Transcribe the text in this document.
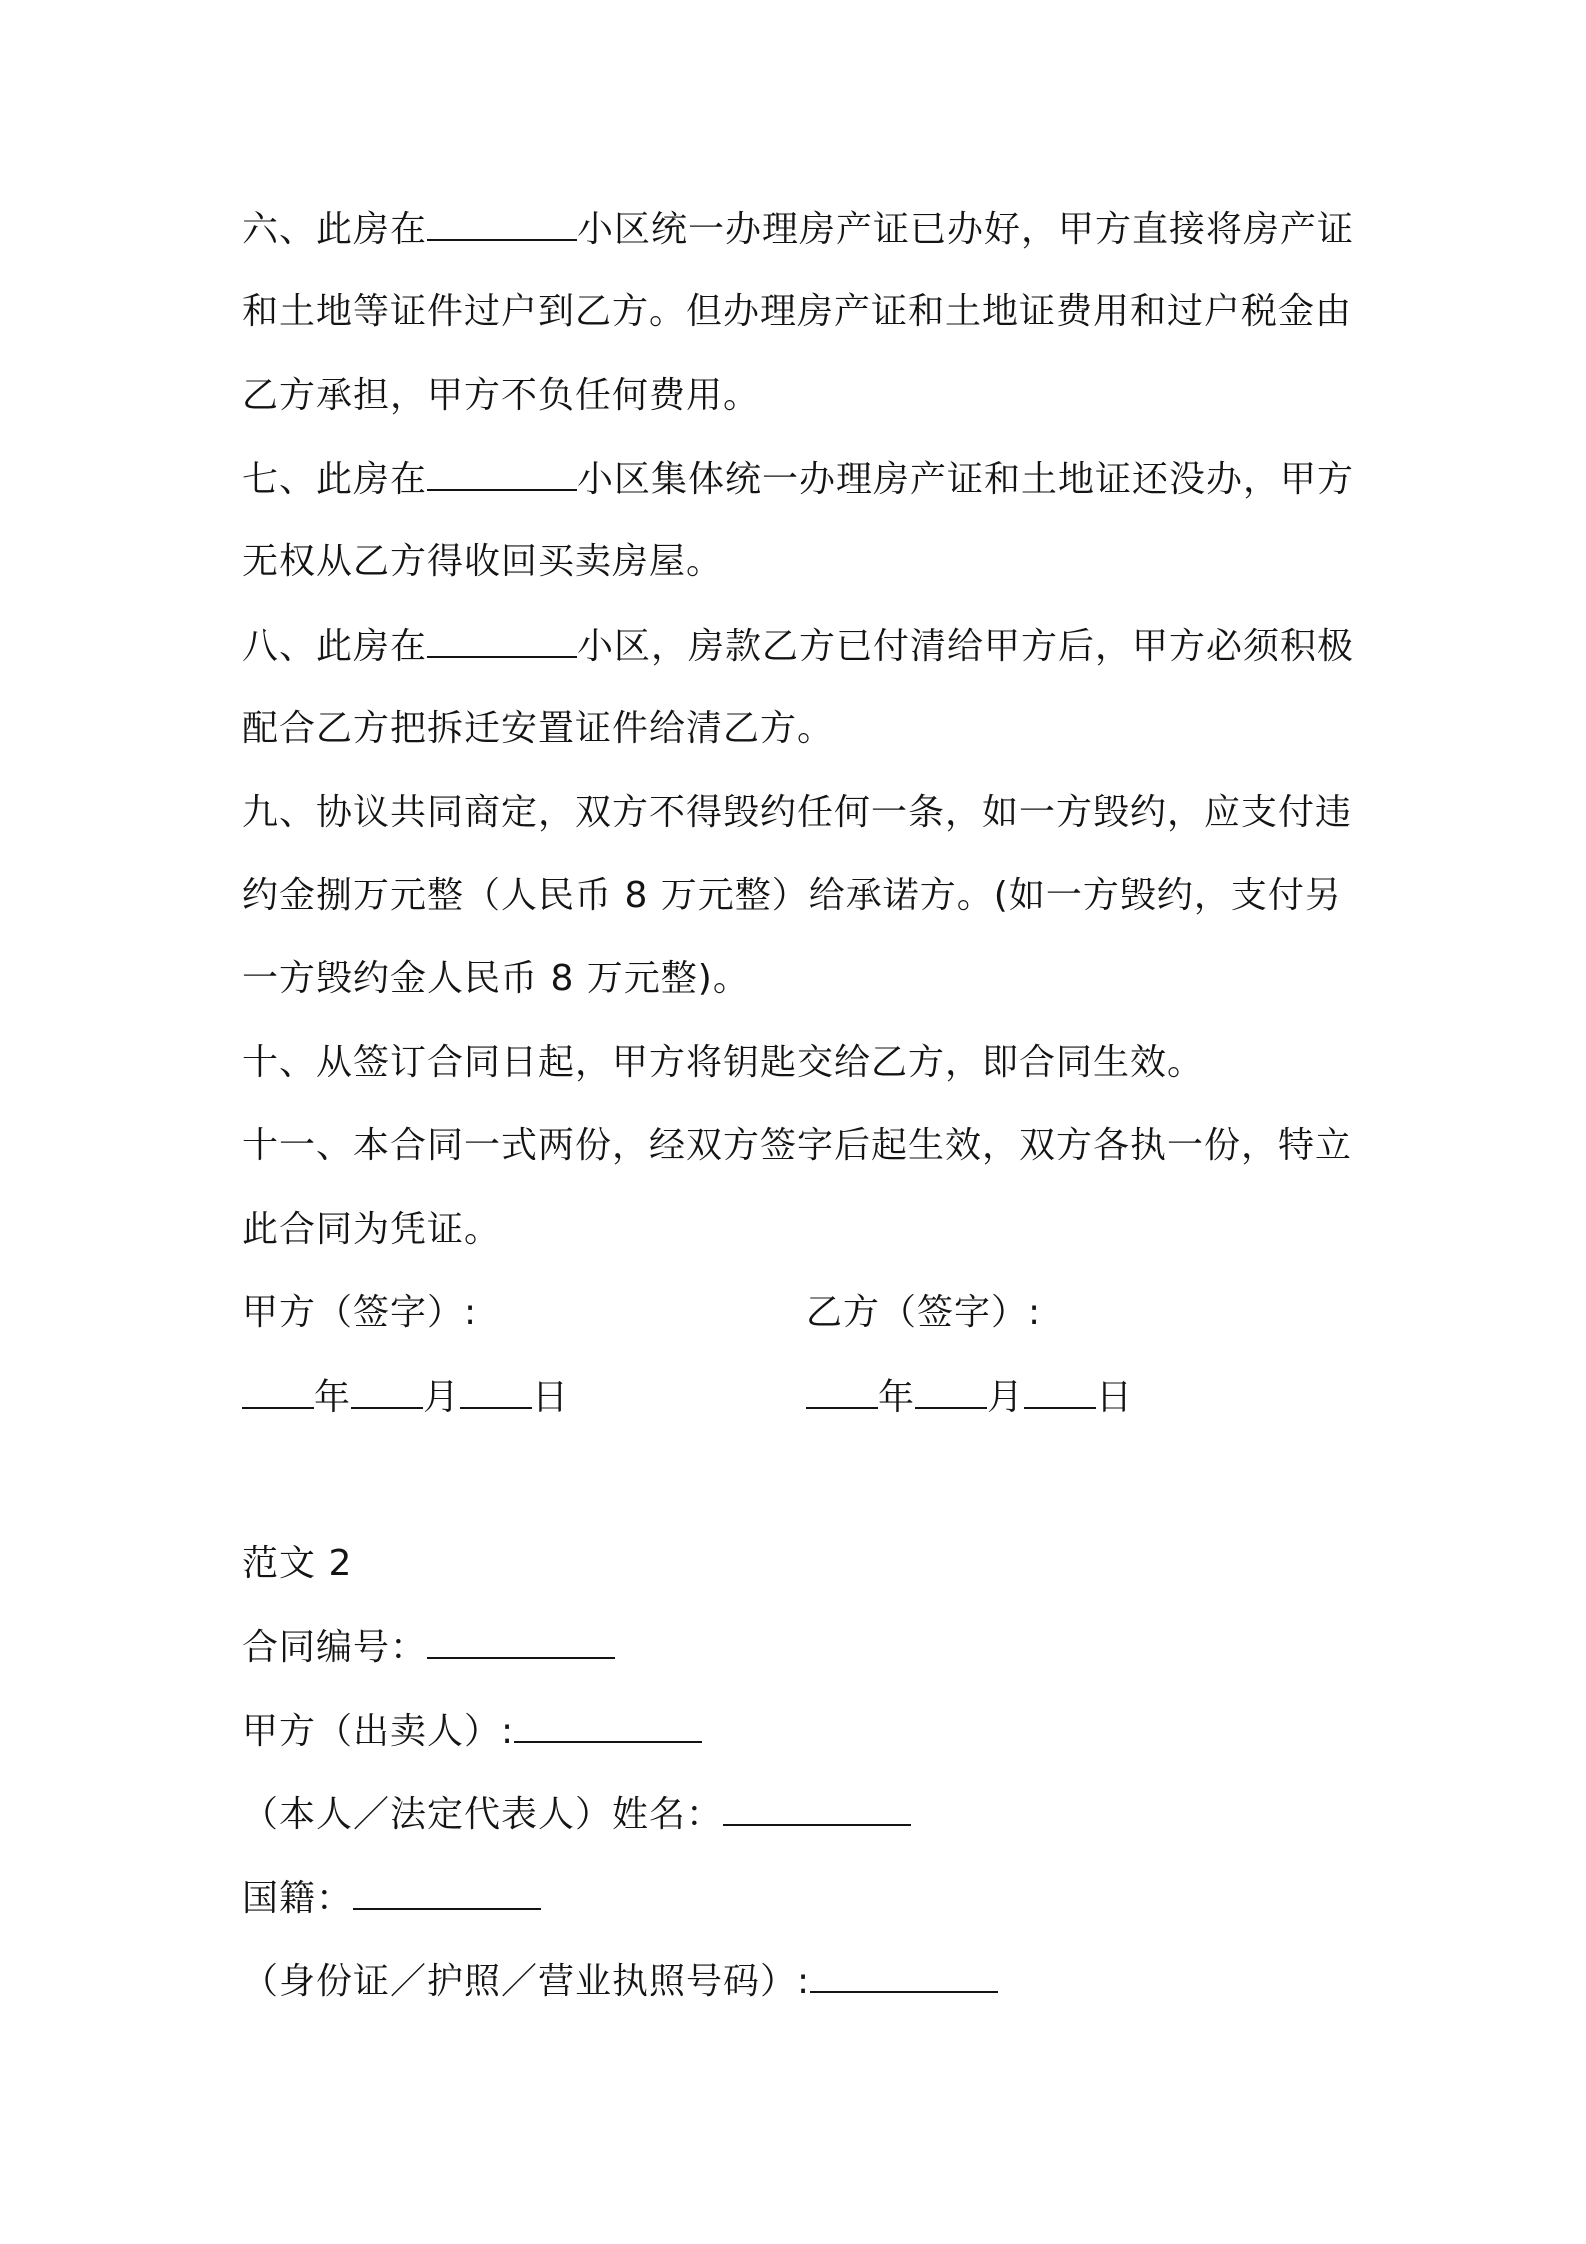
六、此房在	小区统一办理房产证已办好，甲方直接将房产证
和土地等证件过户到乙方。但办理房产证和土地证费用和过户税金由
乙方承担，甲方不负任何费用。
七、此房在	小区集体统一办理房产证和土地证还没办，甲方
无权从乙方得收回买卖房屋。
八、此房在	小区，房款乙方已付清给甲方后，甲方必须积极
配合乙方把拆迁安置证件给清乙方。
九、协议共同商定，双方不得毁约任何一条，如一方毁约，应支付违
约金捌万元整（人民币 8 万元整）给承诺方。(如一方毁约，支付另
一方毁约金人民币 8 万元整)。
十、从签订合同日起，甲方将钥匙交给乙方，即合同生效。
十一、本合同一式两份，经双方签字后起生效，双方各执一份，特立
此合同为凭证。
甲方（签字）:	乙方（签字）:
年 月 日	年 月 日
范文 2
合同编号：
甲方（出卖人）:
（本人／法定代表人）姓名：
国籍：
（身份证／护照／营业执照号码）:
